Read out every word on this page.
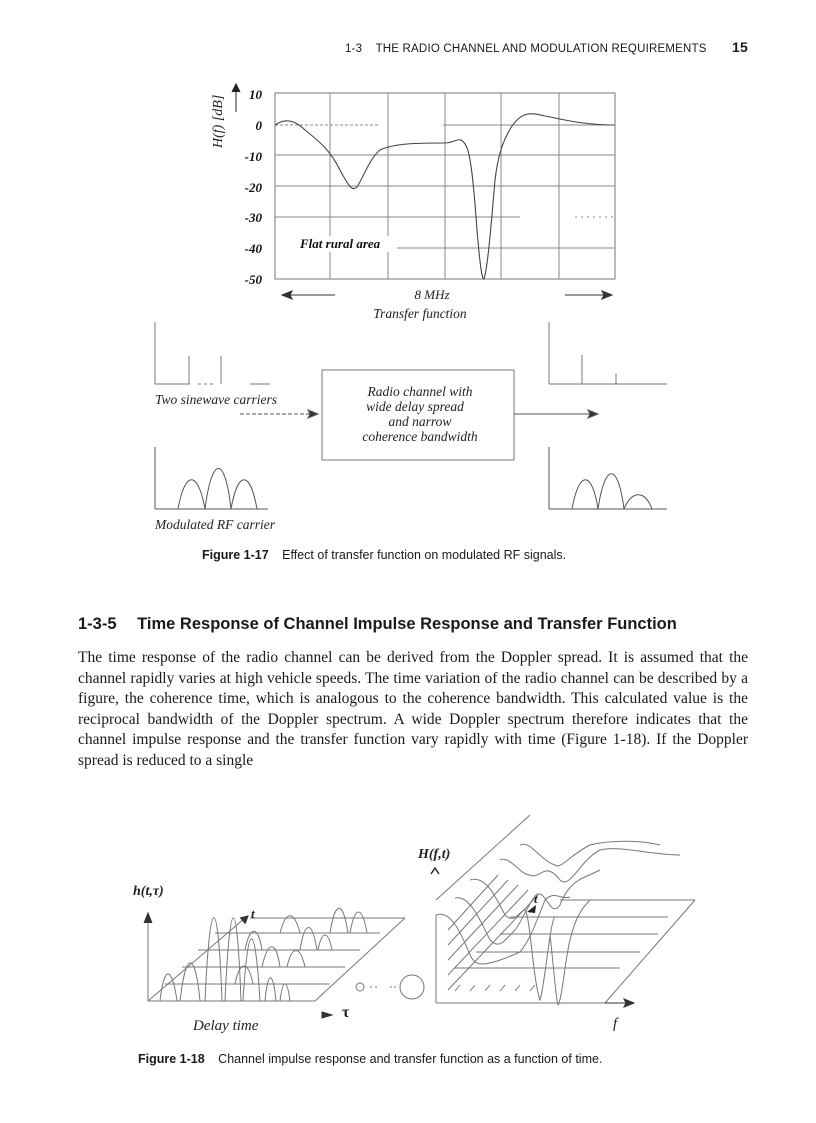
1-3 THE RADIO CHANNEL AND MODULATION REQUIREMENTS 15
10
0
-10
-20
-30
-40
-50
H(f) [dB]
Flat rural area
8 MHz
Transfer function
Two sinewave carriers
Radio channel with
wide delay spread
and narrow
coherence bandwidth
Modulated RF carrier
Figure 1-17 Effect of transfer function on modulated RF signals.
1-3-5 Time Response of Channel Impulse Response and Transfer Function

The time response of the radio channel can be derived from the Doppler spread. It is assumed that the channel rapidly varies at high vehicle speeds. The time variation of the radio channel can be described by a figure, the coherence time, which is analogous to the coherence bandwidth. This calculated value is the reciprocal bandwidth of the Doppler spectrum. A wide Doppler spectrum therefore indicates that the channel impulse response and the transfer function vary rapidly with time (Figure 1-18). If the Doppler spread is reduced to a single

h(t,τ)
t
τ
Delay time
H(f,t)
t
f
Figure 1-18 Channel impulse response and transfer function as a function of time.
